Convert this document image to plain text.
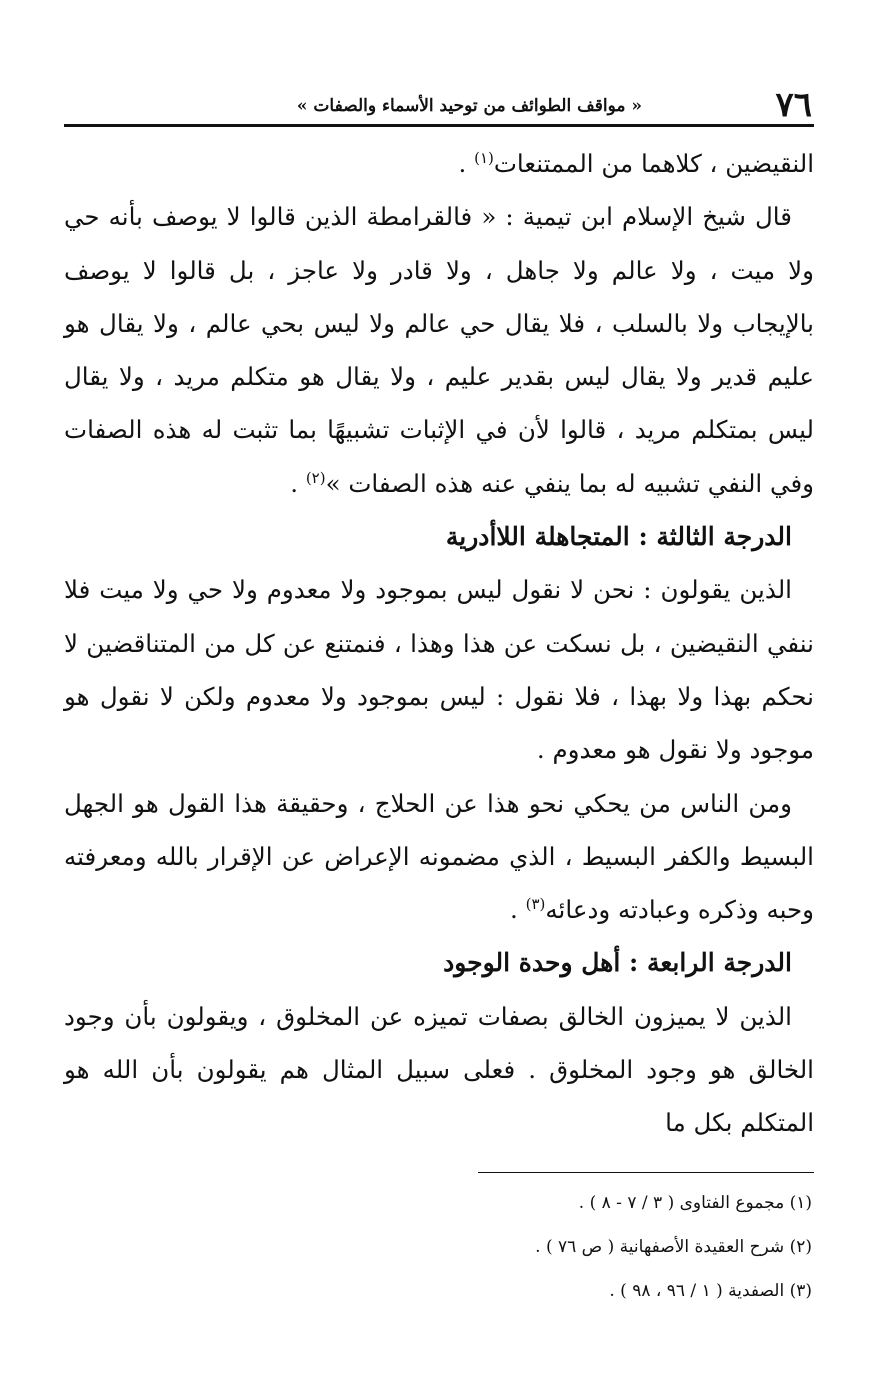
٧٦
« مواقف الطوائف من توحيد الأسماء والصفات »

النقيضين ، كلاهما من الممتنعات$^{(١)}$ .

قال شيخ الإسلام ابن تيمية : « فالقرامطة الذين قالوا لا يوصف بأنه حي ولا ميت ، ولا عالم ولا جاهل ، ولا قادر ولا عاجز ، بل قالوا لا يوصف بالإيجاب ولا بالسلب ، فلا يقال حي عالم ولا ليس بحي عالم ، ولا يقال هو عليم قدير ولا يقال ليس بقدير عليم ، ولا يقال هو متكلم مريد ، ولا يقال ليس بمتكلم مريد ، قالوا لأن في الإثبات تشبيهًا بما تثبت له هذه الصفات وفي النفي تشبيه له بما ينفي عنه هذه الصفات »$^{(٢)}$ .

الدرجة الثالثة : المتجاهلة اللاأدرية

الذين يقولون : نحن لا نقول ليس بموجود ولا معدوم ولا حي ولا ميت فلا ننفي النقيضين ، بل نسكت عن هذا وهذا ، فنمتنع عن كل من المتناقضين لا نحكم بهذا ولا بهذا ، فلا نقول : ليس بموجود ولا معدوم ولكن لا نقول هو موجود ولا نقول هو معدوم .

ومن الناس من يحكي نحو هذا عن الحلاج ، وحقيقة هذا القول هو الجهل البسيط والكفر البسيط ، الذي مضمونه الإعراض عن الإقرار بالله ومعرفته وحبه وذكره وعبادته ودعائه$^{(٣)}$ .

الدرجة الرابعة : أهل وحدة الوجود

الذين لا يميزون الخالق بصفات تميزه عن المخلوق ، ويقولون بأن وجود الخالق هو وجود المخلوق . فعلى سبيل المثال هم يقولون بأن الله هو المتكلم بكل ما

(١) مجموع الفتاوى ( ٣ / ٧ - ٨ ) .

(٢) شرح العقيدة الأصفهانية ( ص ٧٦ ) .

(٣) الصفدية ( ١ / ٩٦ ، ٩٨ ) .
